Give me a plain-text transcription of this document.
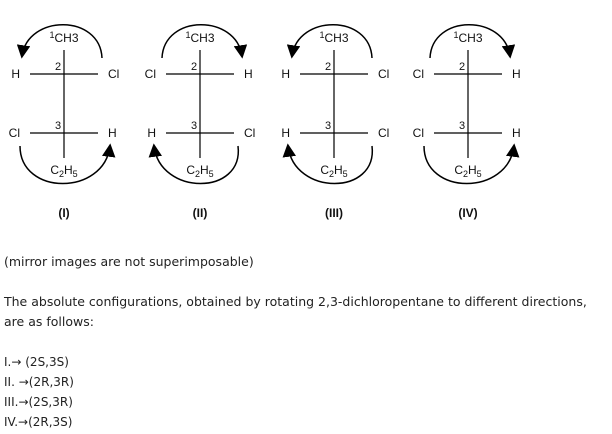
$^1$CH3
2
3
H	Cl
Cl	H
$C_2H_5$
(I)
$^1$CH3
2
3
Cl	H
H	Cl
$C_2H_5$
(II)
$^1$CH3
2
3
H	Cl
H	Cl
$C_2H_5$
(III)
$^1$CH3
2
3
Cl	H
Cl	H
$C_2H_5$
(IV)

(mirror images are not superimposable)

The absolute configurations, obtained by rotating 2,3-dichloropentane to different directions, are as follows:

I.→ (2S,3S)
II. →(2R,3R)
III.→(2S,3R)
IV.→(2R,3S)
